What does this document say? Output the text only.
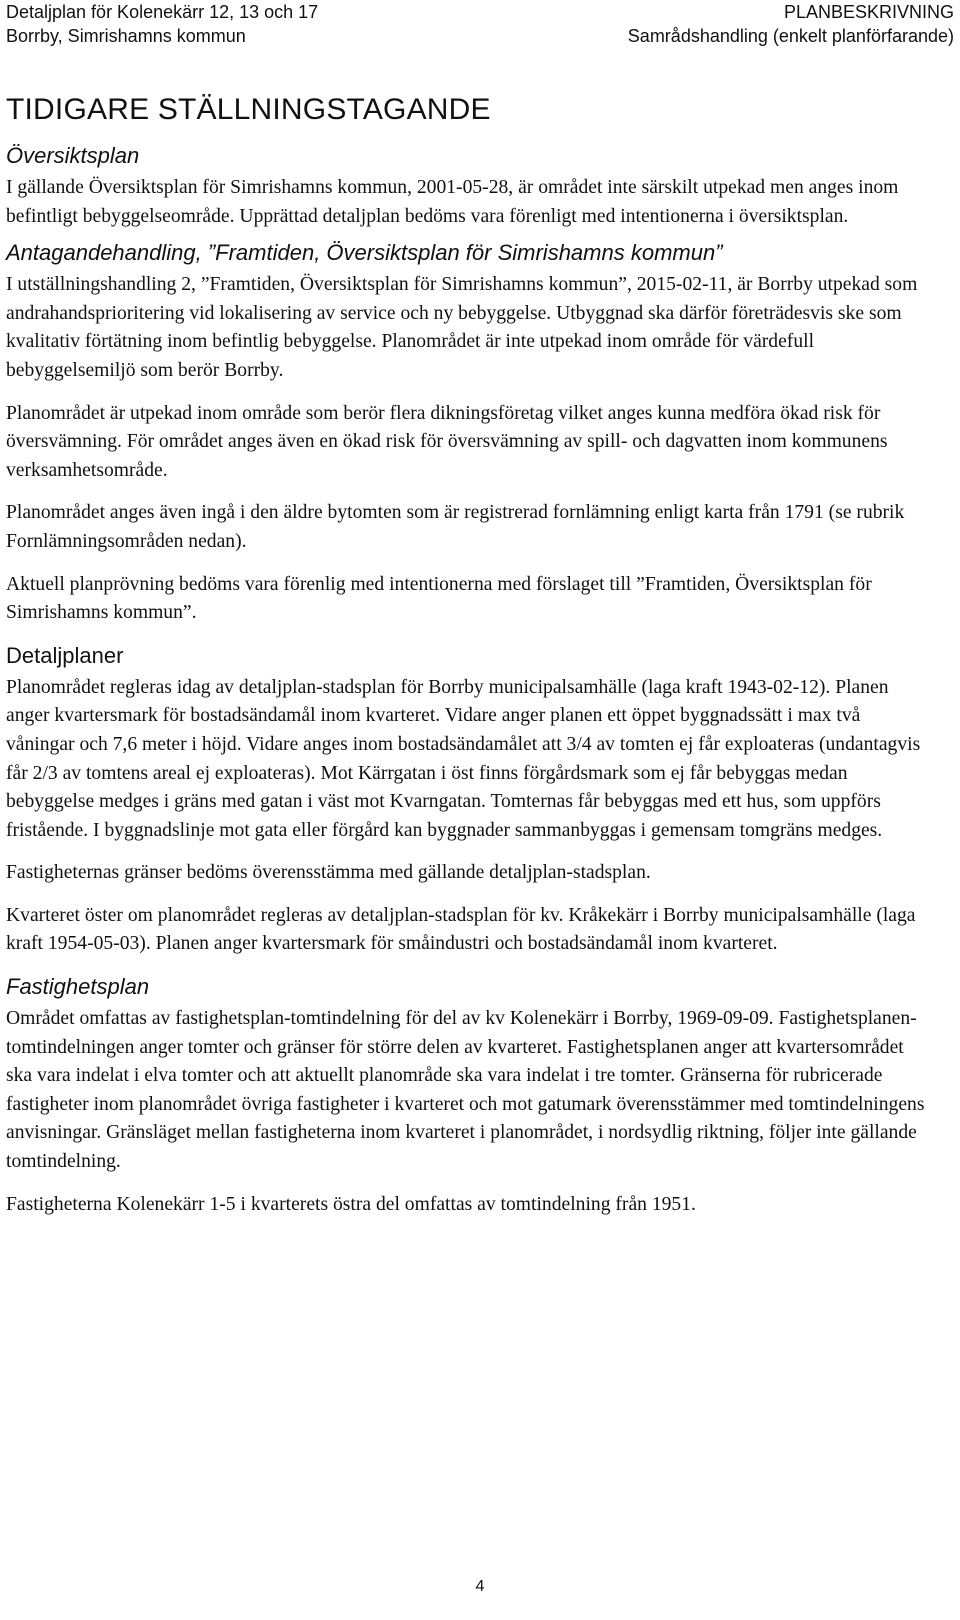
Detaljplan för Kolenekärr 12, 13 och 17
Borrby, Simrishamns kommun
PLANBESKRIVNING
Samrådshandling (enkelt planförfarande)
TIDIGARE STÄLLNINGSTAGANDE
Översiktsplan

I gällande Översiktsplan för Simrishamns kommun, 2001-05-28, är området inte särskilt utpekad men anges inom befintligt bebyggelseområde. Upprättad detaljplan bedöms vara förenligt med intentionerna i översiktsplan.

Antagandehandling, ”Framtiden, Översiktsplan för Simrishamns kommun”

I utställningshandling 2, ”Framtiden, Översiktsplan för Simrishamns kommun”, 2015-02-11, är Borrby utpekad som andrahandsprioritering vid lokalisering av service och ny bebyggelse. Utbyggnad ska därför företrädesvis ske som kvalitativ förtätning inom befintlig bebyggelse. Planområdet är inte utpekad inom område för värdefull bebyggelsemiljö som berör Borrby.

Planområdet är utpekad inom område som berör flera dikningsföretag vilket anges kunna medföra ökad risk för översvämning. För området anges även en ökad risk för översvämning av spill- och dagvatten inom kommunens verksamhetsområde.

Planområdet anges även ingå i den äldre bytomten som är registrerad fornlämning enligt karta från 1791 (se rubrik Fornlämningsområden nedan).

Aktuell planprövning bedöms vara förenlig med intentionerna med förslaget till ”Framtiden, Översiktsplan för Simrishamns kommun”.

Detaljplaner

Planområdet regleras idag av detaljplan-stadsplan för Borrby municipalsamhälle (laga kraft 1943-02-12). Planen anger kvartersmark för bostadsändamål inom kvarteret. Vidare anger planen ett öppet byggnadssätt i max två våningar och 7,6 meter i höjd. Vidare anges inom bostadsändamålet att 3/4 av tomten ej får exploateras (undantagvis får 2/3 av tomtens areal ej exploateras). Mot Kärrgatan i öst finns förgårdsmark som ej får bebyggas medan bebyggelse medges i gräns med gatan i väst mot Kvarngatan. Tomternas får bebyggas med ett hus, som uppförs fristående. I byggnadslinje mot gata eller förgård kan byggnader sammanbyggas i gemensam tomgräns medges.

Fastigheternas gränser bedöms överensstämma med gällande detaljplan-stadsplan.

Kvarteret öster om planområdet regleras av detaljplan-stadsplan för kv. Kråkekärr i Borrby municipalsamhälle (laga kraft 1954-05-03). Planen anger kvartersmark för småindustri och bostadsändamål inom kvarteret.

Fastighetsplan

Området omfattas av fastighetsplan-tomtindelning för del av kv Kolenekärr i Borrby, 1969-09-09. Fastighetsplanen-tomtindelningen anger tomter och gränser för större delen av kvarteret. Fastighetsplanen anger att kvartersområdet ska vara indelat i elva tomter och att aktuellt planområde ska vara indelat i tre tomter. Gränserna för rubricerade fastigheter inom planområdet övriga fastigheter i kvarteret och mot gatumark överensstämmer med tomtindelningens anvisningar. Gränsläget mellan fastigheterna inom kvarteret i planområdet, i nordsydlig riktning, följer inte gällande tomtindelning.

Fastigheterna Kolenekärr 1-5 i kvarterets östra del omfattas av tomtindelning från 1951.

4
